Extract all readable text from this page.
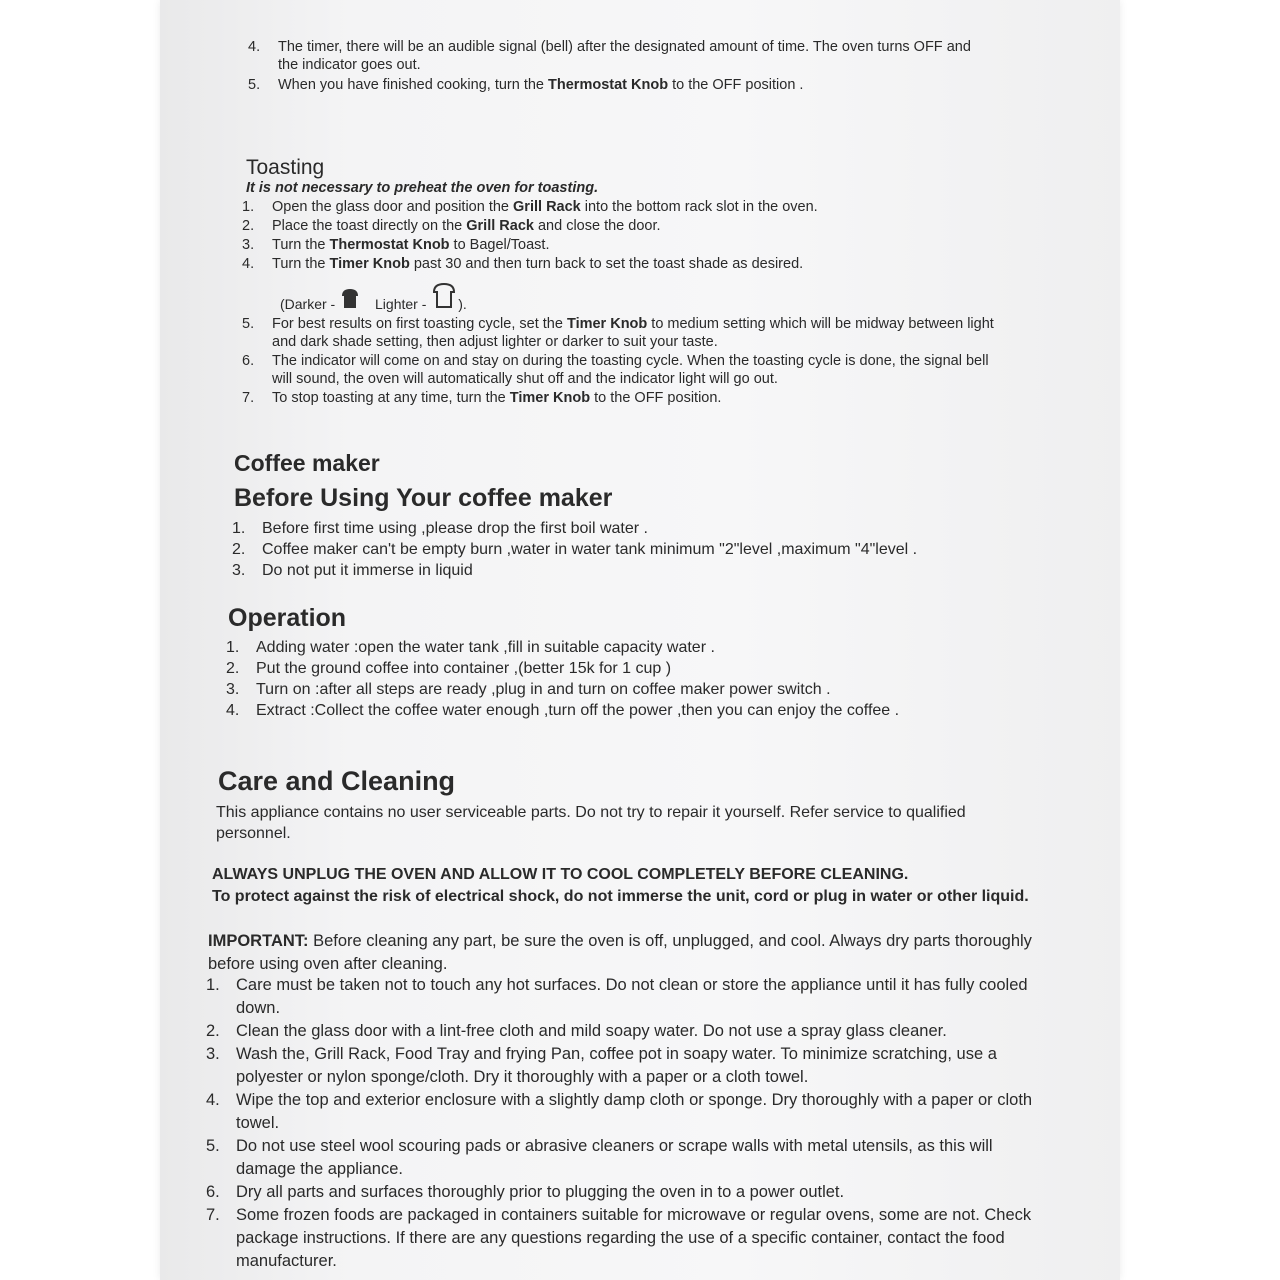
4. The timer, there will be an audible signal (bell) after the designated amount of time. The oven turns OFF and the indicator goes out.
5. When you have finished cooking, turn the Thermostat Knob to the OFF position .
Toasting
It is not necessary to preheat the oven for toasting.
1. Open the glass door and position the Grill Rack into the bottom rack slot in the oven.
2. Place the toast directly on the Grill Rack and close the door.
3. Turn the Thermostat Knob to Bagel/Toast.
4. Turn the Timer Knob past 30 and then turn back to set the toast shade as desired.
(Darker -	Lighter - ).
5. For best results on first toasting cycle, set the Timer Knob to medium setting which will be midway between light and dark shade setting, then adjust lighter or darker to suit your taste.
6. The indicator will come on and stay on during the toasting cycle. When the toasting cycle is done, the signal bell will sound, the oven will automatically shut off and the indicator light will go out.
7. To stop toasting at any time, turn the Timer Knob to the OFF position.
Coffee maker
Before Using Your coffee maker
1. Before first time using ,please drop the first boil water .
2. Coffee maker can't be empty burn ,water in water tank minimum "2"level ,maximum "4"level .
3. Do not put it immerse in liquid
Operation
1. Adding water :open the water tank ,fill in suitable capacity water .
2. Put the ground coffee into container ,(better 15k for 1 cup )
3. Turn on :after all steps are ready ,plug in and turn on coffee maker power switch .
4. Extract :Collect the coffee water enough ,turn off the power ,then you can enjoy the coffee .
Care and Cleaning
This appliance contains no user serviceable parts. Do not try to repair it yourself. Refer service to qualified personnel.
ALWAYS UNPLUG THE OVEN AND ALLOW IT TO COOL COMPLETELY BEFORE CLEANING.
To protect against the risk of electrical shock, do not immerse the unit, cord or plug in water or other liquid.
IMPORTANT: Before cleaning any part, be sure the oven is off, unplugged, and cool. Always dry parts thoroughly before using oven after cleaning.
1. Care must be taken not to touch any hot surfaces. Do not clean or store the appliance until it has fully cooled down.
2. Clean the glass door with a lint-free cloth and mild soapy water. Do not use a spray glass cleaner.
3. Wash the, Grill Rack, Food Tray and frying Pan, coffee pot in soapy water. To minimize scratching, use a polyester or nylon sponge/cloth. Dry it thoroughly with a paper or a cloth towel.
4. Wipe the top and exterior enclosure with a slightly damp cloth or sponge. Dry thoroughly with a paper or cloth towel.
5. Do not use steel wool scouring pads or abrasive cleaners or scrape walls with metal utensils, as this will damage the appliance.
6. Dry all parts and surfaces thoroughly prior to plugging the oven in to a power outlet.
7. Some frozen foods are packaged in containers suitable for microwave or regular ovens, some are not. Check package instructions. If there are any questions regarding the use of a specific container, contact the food manufacturer.
